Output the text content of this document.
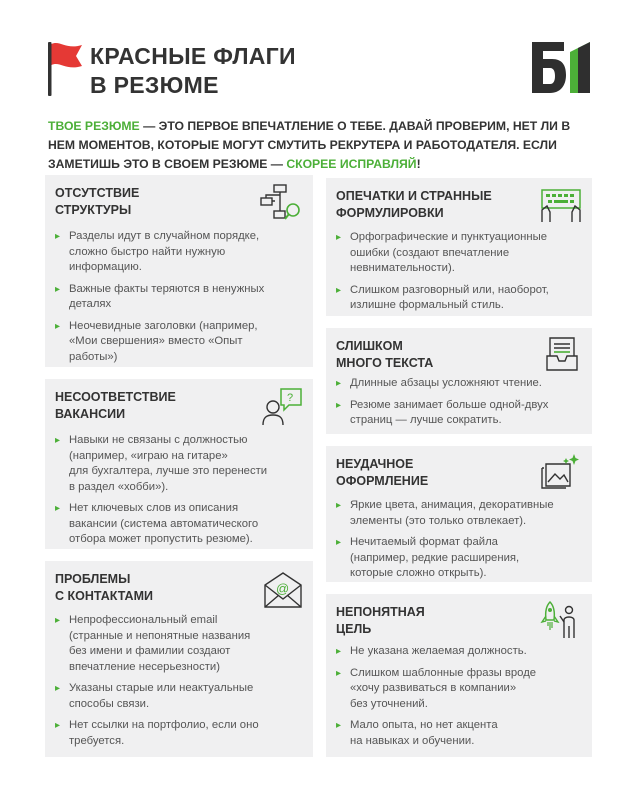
КРАСНЫЕ ФЛАГИ
В РЕЗЮМЕ
ТВОЕ РЕЗЮМЕ — ЭТО ПЕРВОЕ ВПЕЧАТЛЕНИЕ О ТЕБЕ. ДАВАЙ ПРОВЕРИМ, НЕТ ЛИ В НЕМ МОМЕНТОВ, КОТОРЫЕ МОГУТ СМУТИТЬ РЕКРУТЕРА И РАБОТОДАТЕЛЯ. ЕСЛИ ЗАМЕТИШЬ ЭТО В СВОЕМ РЕЗЮМЕ — СКОРЕЕ ИСПРАВЛЯЙ!
ОТСУТСТВИЕ
СТРУКТУРЫ
▸ Разделы идут в случайном порядке,
сложно быстро найти нужную
информацию.
▸ Важные факты теряются в ненужных
деталях
▸ Неочевидные заголовки (например,
«Мои свершения» вместо «Опыт
работы»)
НЕСООТВЕТСТВИЕ
ВАКАНСИИ
?
▸ Навыки не связаны с должностью
(например, «играю на гитаре»
для бухгалтера, лучше это перенести
в раздел «хобби»).
▸ Нет ключевых слов из описания
вакансии (система автоматического
отбора может пропустить резюме).
ПРОБЛЕМЫ
С КОНТАКТАМИ	@
▸ Непрофессиональный email
(странные и непонятные названия
без имени и фамилии создают
впечатление несерьезности)
▸ Указаны старые или неактуальные
способы связи.
▸ Нет ссылки на портфолио, если оно
требуется.
ОПЕЧАТКИ И СТРАННЫЕ
ФОРМУЛИРОВКИ
▸ Орфографические и пунктуационные
ошибки (создают впечатление
невнимательности).
▸ Слишком разговорный или, наоборот,
излишне формальный стиль.
СЛИШКОМ
МНОГО ТЕКСТА
▸ Длинные абзацы усложняют чтение.
▸ Резюме занимает больше одной-двух
страниц — лучше сократить.
НЕУДАЧНОЕ
ОФОРМЛЕНИЕ
▸ Яркие цвета, анимация, декоративные
элементы (это только отвлекает).
▸ Нечитаемый формат файла
(например, редкие расширения,
которые сложно открыть).
НЕПОНЯТНАЯ
ЦЕЛЬ
▸ Не указана желаемая должность.
▸ Слишком шаблонные фразы вроде
«хочу развиваться в компании»
без уточнений.
▸ Мало опыта, но нет акцента
на навыках и обучении.
